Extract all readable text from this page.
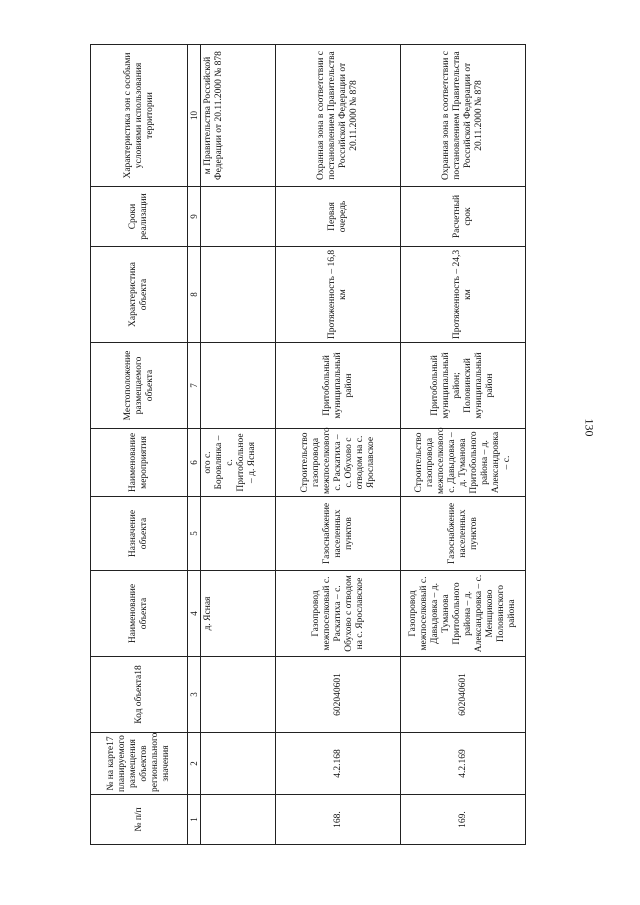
130
№ п/п	№ на карте17 планируемого размещения объектов регионального значения	Код объекта18	Наименование объекта	Назначение объекта	Наименование мероприятия	Местоположение размещаемого объекта	Характеристика объекта	Сроки реализации	Характеристика зон с особыми условиями использования территории
1	2	3	4	5	6	7	8	9	10
			д. Ясная		ого с. Боровлянка – с. Притобольное – д. Ясная				м Правительства Российской Федерации от 20.11.2000 № 878
168.	4.2.168	602040601	Газопровод межпоселковый с. Раскатиха – с. Обухово с отводом на с. Ярославское	Газоснабжение населенных пунктов	Строительство газопровода межпоселкового с. Раскатиха – с. Обухово с отводом на с. Ярославское	Притобольный муниципальный район	Протяженность – 16,8 км	Первая очередь	Охранная зона в соответствии с постановлением Правительства Российской Федерации от 20.11.2000 № 878
169.	4.2.169	602040601	Газопровод межпоселковый с. Давыдовка – д. Туманова Притобольного района – д. Александровка – с. Менщиково Половинского района	Газоснабжение населенных пунктов	Строительство газопровода межпоселкового с. Давыдовка – д. Туманова Притобольного района – д. Александровка – с.	Притобольный муниципальный район; Половинский муниципальный район	Протяженность – 24,3 км	Расчетный срок	Охранная зона в соответствии с постановлением Правительства Российской Федерации от 20.11.2000 № 878
